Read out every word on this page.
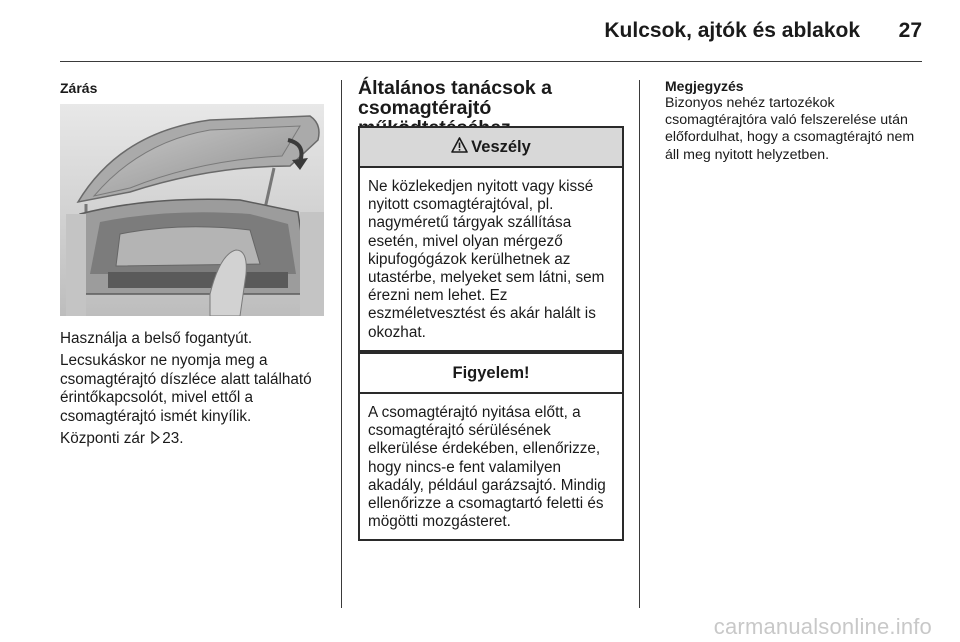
Kulcsok, ajtók és ablakok	27
Zárás

Használja a belső fogantyút.

Lecsukáskor ne nyomja meg a csomagtérajtó díszléce alatt található érintőkapcsolót, mivel ettől a csomagtérajtó ismét kinyílik.

Központi zár 23.

Általános tanácsok a
csomagtérajtó
Veszély
Ne közlekedjen nyitott vagy kissé nyitott csomagtérajtóval, pl. nagyméretű tárgyak szállítása esetén, mivel olyan mérgező kipufogógázok kerülhetnek az utastérbe, melyeket sem látni, sem érezni nem lehet. Ez eszméletvesztést és akár halált is okozhat.
Figyelem!
A csomagtérajtó nyitása előtt, a csomagtérajtó sérülésének elkerülése érdekében, ellenőrizze, hogy nincs-e fent valamilyen akadály, például garázsajtó. Mindig ellenőrizze a csomagtartó feletti és mögötti mozgásteret.
Megjegyzés

Bizonyos nehéz tartozékok csomagtérajtóra való felszerelése után előfordulhat, hogy a csomagtérajtó nem áll meg nyitott helyzetben.

carmanualsonline.info
